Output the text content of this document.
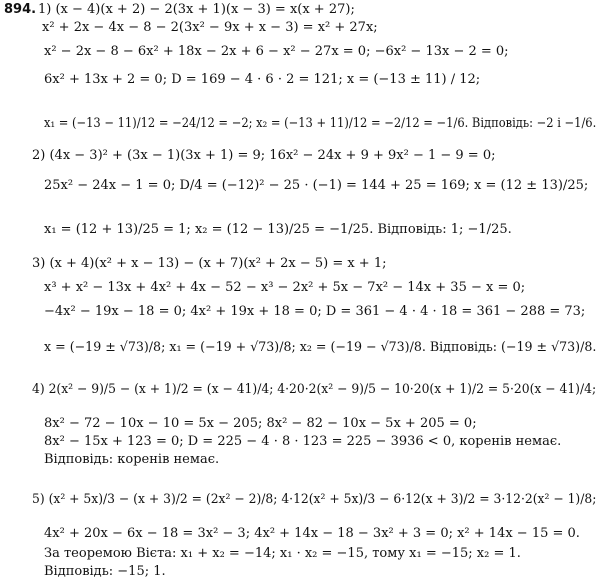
894. 1) (x − 4)(x + 2) − 2(3x + 1)(x − 3) = x(x + 27);
x² + 2x − 4x − 8 − 2(3x² − 9x + x − 3) = x² + 27x;
x² − 2x − 8 − 6x² + 18x − 2x + 6 − x² − 27x = 0; −6x² − 13x − 2 = 0;
6x² + 13x + 2 = 0; D = 169 − 4 · 6 · 2 = 121; x = (−13 ± 11) / 12;
x₁ = (−13 − 11)/12 = −24/12 = −2; x₂ = (−13 + 11)/12 = −2/12 = −1/6. Відповідь: −2 і −1/6.
2) (4x − 3)² + (3x − 1)(3x + 1) = 9; 16x² − 24x + 9 + 9x² − 1 − 9 = 0;
25x² − 24x − 1 = 0; D/4 = (−12)² − 25 · (−1) = 144 + 25 = 169; x = (12 ± 13)/25;
x₁ = (12 + 13)/25 = 1; x₂ = (12 − 13)/25 = −1/25. Відповідь: 1; −1/25.
3) (x + 4)(x² + x − 13) − (x + 7)(x² + 2x − 5) = x + 1;
x³ + x² − 13x + 4x² + 4x − 52 − x³ − 2x² + 5x − 7x² − 14x + 35 − x = 0;
−4x² − 19x − 18 = 0; 4x² + 19x + 18 = 0; D = 361 − 4 · 4 · 18 = 361 − 288 = 73;
x = (−19 ± √73)/8; x₁ = (−19 + √73)/8; x₂ = (−19 − √73)/8. Відповідь: (−19 ± √73)/8.
4) 2(x² − 9)/5 − (x + 1)/2 = (x − 41)/4; 4·20·2(x² − 9)/5 − 10·20(x + 1)/2 = 5·20(x − 41)/4;
8x² − 72 − 10x − 10 = 5x − 205; 8x² − 82 − 10x − 5x + 205 = 0;
8x² − 15x + 123 = 0; D = 225 − 4 · 8 · 123 = 225 − 3936 < 0, коренів немає.
Відповідь: коренів немає.
5) (x² + 5x)/3 − (x + 3)/2 = (2x² − 2)/8; 4·12(x² + 5x)/3 − 6·12(x + 3)/2 = 3·12·2(x² − 1)/8;
4x² + 20x − 6x − 18 = 3x² − 3; 4x² + 14x − 18 − 3x² + 3 = 0; x² + 14x − 15 = 0.
За теоремою Вієта: x₁ + x₂ = −14; x₁ · x₂ = −15, тому x₁ = −15; x₂ = 1.
Відповідь: −15; 1.
